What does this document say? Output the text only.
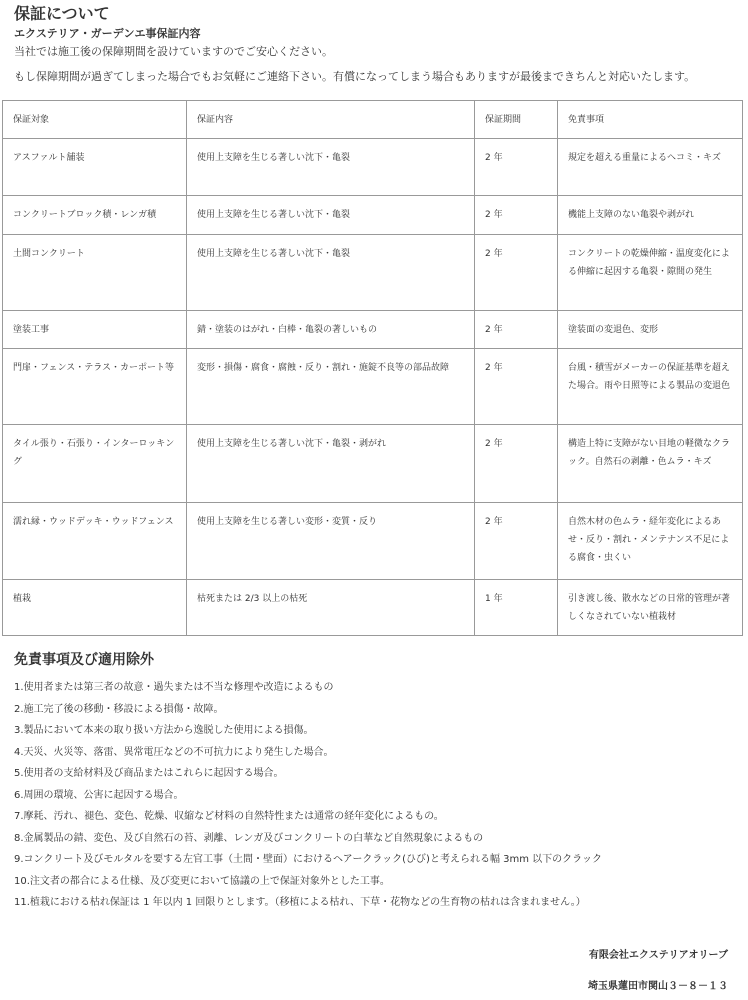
保証について
エクステリア・ガーデンエ事保証内容
当社では施工後の保障期間を設けていますのでご安心ください。
もし保障期間が過ぎてしまった場合でもお気軽にご連絡下さい。有償になってしまう場合もありますが最後まできちんと対応いたします。
保証対象	保証内容	保証期間	免責事項
アスファルト舗装	使用上支障を生じる著しい沈下・亀裂	2 年	規定を超える重量によるヘコミ・キズ
コンクリートブロック積・レンガ積	使用上支障を生じる著しい沈下・亀裂	2 年	機能上支障のない亀裂や剥がれ
土間コンクリート	使用上支障を生じる著しい沈下・亀裂	2 年	コンクリートの乾燥伸縮・温度変化による伸縮に起因する亀裂・隙間の発生
塗装工事	錆・塗装のはがれ・白棒・亀裂の著しいもの	2 年	塗装面の変退色、変形
門扉・フェンス・テラス・カーポート等	変形・損傷・腐食・腐蝕・反り・割れ・施錠不良等の部品故障	2 年	台風・積雪がメーカーの保証基準を超えた場合。雨や日照等による製品の変退色
タイル張り・石張り・インターロッキング	使用上支障を生じる著しい沈下・亀裂・剥がれ	2 年	構造上特に支障がない目地の軽微なクラック。自然石の剥離・色ムラ・キズ
濡れ縁・ウッドデッキ・ウッドフェンス	使用上支障を生じる著しい変形・変質・反り	2 年	自然木材の色ムラ・経年変化によるあせ・反り・割れ・メンテナンス不足による腐食・虫くい
植栽	枯死または 2/3 以上の枯死	1 年	引き渡し後、散水などの日常的管理が著しくなされていない植栽材
免責事項及び適用除外
1.使用者または第三者の故意・過失または不当な修理や改造によるもの
2.施工完了後の移動・移設による損傷・故障。
3.製品において本来の取り扱い方法から逸脱した使用による損傷。
4.天災、火災等、落雷、異常電圧などの不可抗力により発生した場合。
5.使用者の支給材料及び商品またはこれらに起因する場合。
6.周囲の環境、公害に起因する場合。
7.摩耗、汚れ、褪色、変色、乾燥、収縮など材料の自然特性または通常の経年変化によるもの。
8.金属製品の錆、変色、及び自然石の苔、剥離、レンガ及びコンクリートの白華など自然現象によるもの
9.コンクリート及びモルタルを要する左官工事（土間・壁面）におけるヘアークラック(ひび)と考えられる幅 3mm 以下のクラック
10.注文者の都合による仕様、及び変更において協議の上で保証対象外とした工事。
11.植栽における枯れ保証は 1 年以内 1 回限りとします。（移植による枯れ、下草・花物などの生育物の枯れは含まれません。）
有限会社エクステリアオリーブ
埼玉県蓮田市関山３－８－１３
